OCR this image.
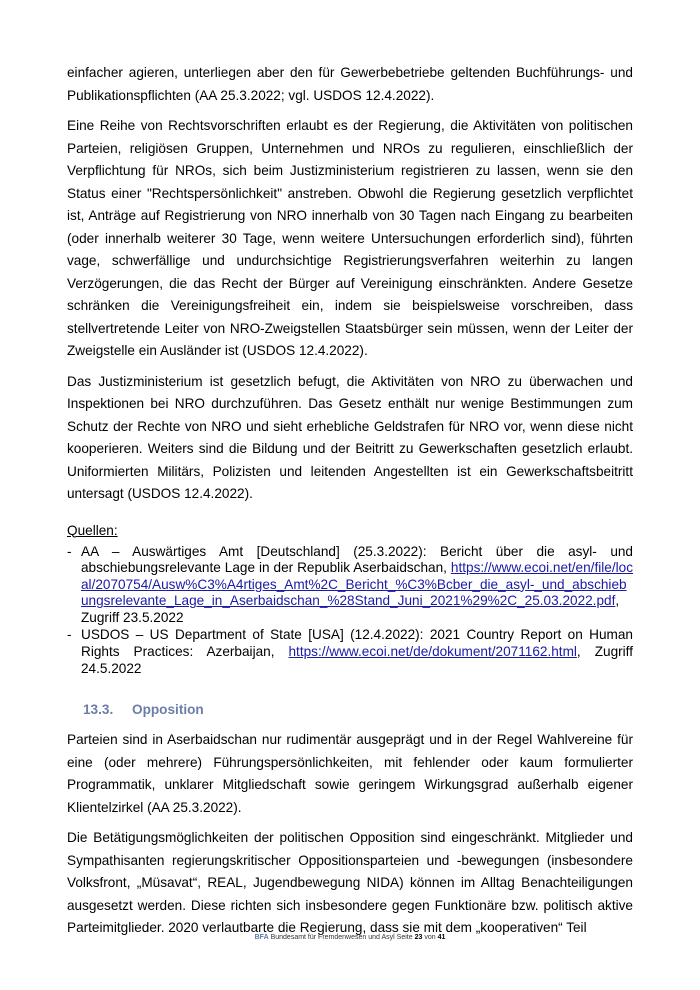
einfacher agieren, unterliegen aber den für Gewerbebetriebe geltenden Buchführungs- und Publikationspflichten (AA 25.3.2022; vgl. USDOS 12.4.2022).

Eine Reihe von Rechtsvorschriften erlaubt es der Regierung, die Aktivitäten von politischen Parteien, religiösen Gruppen, Unternehmen und NROs zu regulieren, einschließlich der Verpflichtung für NROs, sich beim Justizministerium registrieren zu lassen, wenn sie den Status einer "Rechtspersönlichkeit" anstreben. Obwohl die Regierung gesetzlich verpflichtet ist, Anträge auf Registrierung von NRO innerhalb von 30 Tagen nach Eingang zu bearbeiten (oder innerhalb weiterer 30 Tage, wenn weitere Untersuchungen erforderlich sind), führten vage, schwerfällige und undurchsichtige Registrierungsverfahren weiterhin zu langen Verzögerungen, die das Recht der Bürger auf Vereinigung einschränkten. Andere Gesetze schränken die Vereinigungsfreiheit ein, indem sie beispielsweise vorschreiben, dass stellvertretende Leiter von NRO-Zweigstellen Staatsbürger sein müssen, wenn der Leiter der Zweigstelle ein Ausländer ist (USDOS 12.4.2022).

Das Justizministerium ist gesetzlich befugt, die Aktivitäten von NRO zu überwachen und Inspektionen bei NRO durchzuführen. Das Gesetz enthält nur wenige Bestimmungen zum Schutz der Rechte von NRO und sieht erhebliche Geldstrafen für NRO vor, wenn diese nicht kooperieren. Weiters sind die Bildung und der Beitritt zu Gewerkschaften gesetzlich erlaubt. Uniformierten Militärs, Polizisten und leitenden Angestellten ist ein Gewerkschaftsbeitritt untersagt (USDOS 12.4.2022).

Quellen:
- AA – Auswärtiges Amt [Deutschland] (25.3.2022): Bericht über die asyl- und abschiebungsrelevante Lage in der Republik Aserbaidschan, https://www.ecoi.net/en/file/local/2070754/Ausw%C3%A4rtiges_Amt%2C_Bericht_%C3%Bcber_die_asyl-_und_abschiebungsrelevante_Lage_in_Aserbaidschan_%28Stand_Juni_2021%29%2C_25.03.2022.pdf, Zugriff 23.5.2022
- USDOS – US Department of State [USA] (12.4.2022): 2021 Country Report on Human Rights Practices: Azerbaijan, https://www.ecoi.net/de/dokument/2071162.html, Zugriff 24.5.2022
13.3.	Opposition

Parteien sind in Aserbaidschan nur rudimentär ausgeprägt und in der Regel Wahlvereine für eine (oder mehrere) Führungspersönlichkeiten, mit fehlender oder kaum formulierter Programmatik, unklarer Mitgliedschaft sowie geringem Wirkungsgrad außerhalb eigener Klientelzirkel (AA 25.3.2022).

Die Betätigungsmöglichkeiten der politischen Opposition sind eingeschränkt. Mitglieder und Sympathisanten regierungskritischer Oppositionsparteien und -bewegungen (insbesondere Volksfront, „Müsavat“, REAL, Jugendbewegung NIDA) können im Alltag Benachteiligungen ausgesetzt werden. Diese richten sich insbesondere gegen Funktionäre bzw. politisch aktive Parteimitglieder. 2020 verlautbarte die Regierung, dass sie mit dem „kooperativen“ Teil

BFA Bundesamt für Fremdenwesen und Asyl Seite 23 von 41
